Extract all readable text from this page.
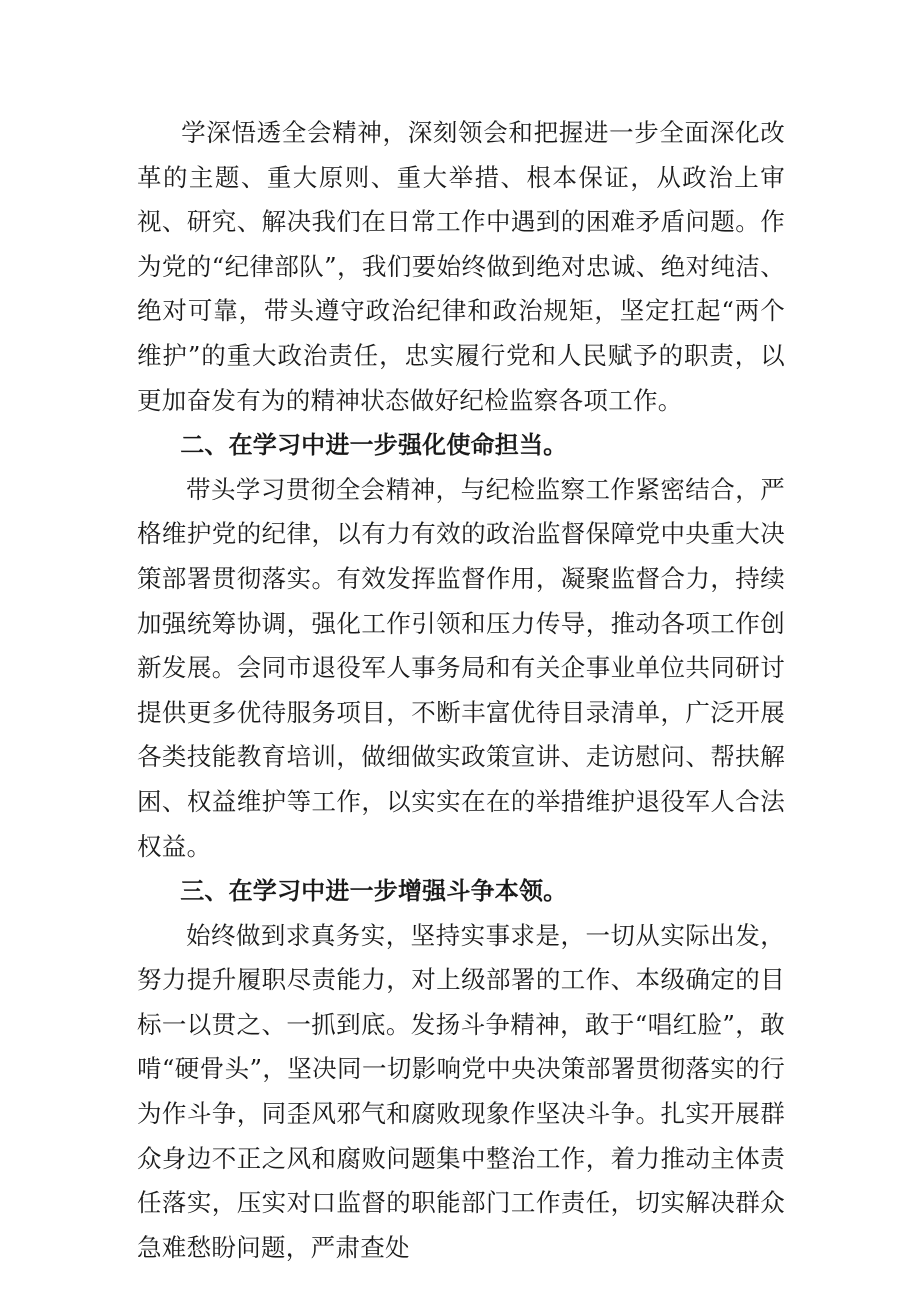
学深悟透全会精神，深刻领会和把握进一步全面深化改革的主题、重大原则、重大举措、根本保证，从政治上审视、研究、解决我们在日常工作中遇到的困难矛盾问题。作为党的“纪律部队”，我们要始终做到绝对忠诚、绝对纯洁、绝对可靠，带头遵守政治纪律和政治规矩，坚定扛起“两个维护”的重大政治责任，忠实履行党和人民赋予的职责，以更加奋发有为的精神状态做好纪检监察各项工作。

二、在学习中进一步强化使命担当。

带头学习贯彻全会精神，与纪检监察工作紧密结合，严格维护党的纪律，以有力有效的政治监督保障党中央重大决策部署贯彻落实。有效发挥监督作用，凝聚监督合力，持续加强统筹协调，强化工作引领和压力传导，推动各项工作创新发展。会同市退役军人事务局和有关企事业单位共同研讨提供更多优待服务项目，不断丰富优待目录清单，广泛开展各类技能教育培训，做细做实政策宣讲、走访慰问、帮扶解困、权益维护等工作，以实实在在的举措维护退役军人合法权益。

三、在学习中进一步增强斗争本领。

始终做到求真务实，坚持实事求是，一切从实际出发，努力提升履职尽责能力，对上级部署的工作、本级确定的目标一以贯之、一抓到底。发扬斗争精神，敢于“唱红脸”，敢啃“硬骨头”，坚决同一切影响党中央决策部署贯彻落实的行为作斗争，同歪风邪气和腐败现象作坚决斗争。扎实开展群众身边不正之风和腐败问题集中整治工作，着力推动主体责任落实，压实对口监督的职能部门工作责任，切实解决群众急难愁盼问题，严肃查处
